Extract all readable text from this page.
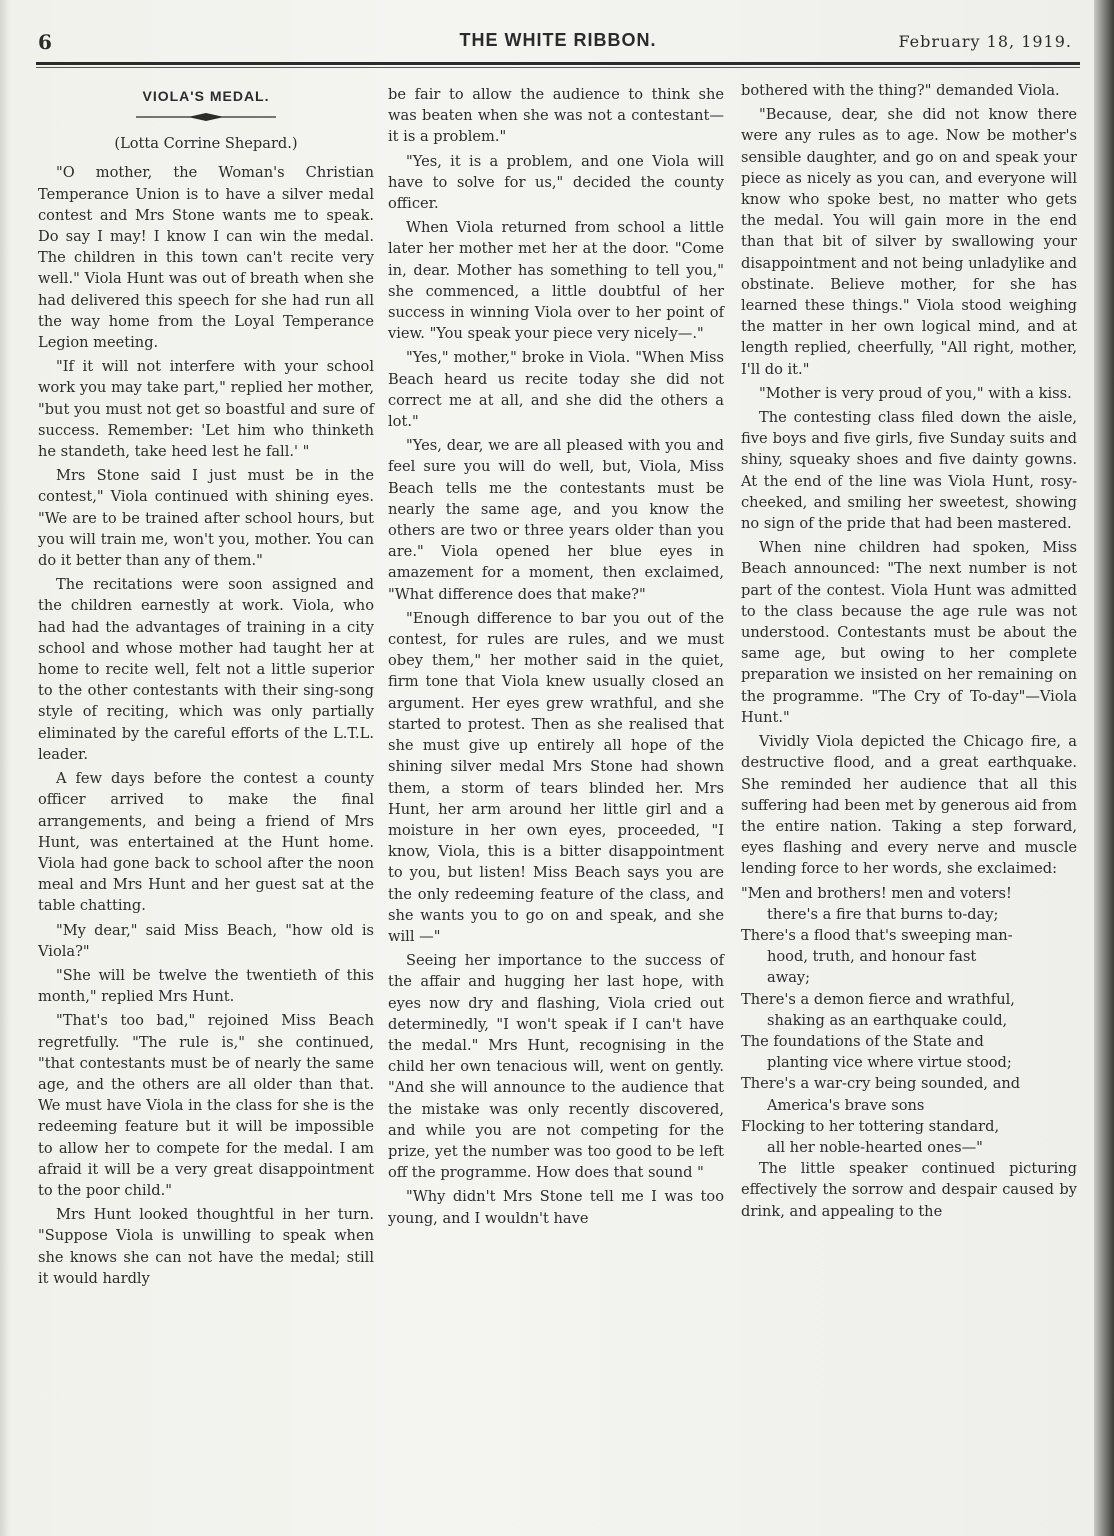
6	THE WHITE RIBBON.	February 18, 1919.
VIOLA'S MEDAL.
(Lotta Corrine Shepard.)

"O mother, the Woman's Christian Temperance Union is to have a silver medal contest and Mrs Stone wants me to speak. Do say I may! I know I can win the medal. The children in this town can't recite very well." Viola Hunt was out of breath when she had delivered this speech for she had run all the way home from the Loyal Temperance Legion meeting.

"If it will not interfere with your school work you may take part," replied her mother, "but you must not get so boastful and sure of success. Remember: 'Let him who thinketh he standeth, take heed lest he fall.' "

Mrs Stone said I just must be in the contest," Viola continued with shining eyes. "We are to be trained after school hours, but you will train me, won't you, mother. You can do it better than any of them."

The recitations were soon assigned and the children earnestly at work. Viola, who had had the advantages of training in a city school and whose mother had taught her at home to recite well, felt not a little superior to the other contestants with their sing-song style of reciting, which was only partially eliminated by the careful efforts of the L.T.L. leader.

A few days before the contest a county officer arrived to make the final arrangements, and being a friend of Mrs Hunt, was entertained at the Hunt home. Viola had gone back to school after the noon meal and Mrs Hunt and her guest sat at the table chatting.

"My dear," said Miss Beach, "how old is Viola?"

"She will be twelve the twentieth of this month," replied Mrs Hunt.

"That's too bad," rejoined Miss Beach regretfully. "The rule is," she continued, "that contestants must be of nearly the same age, and the others are all older than that. We must have Viola in the class for she is the redeeming feature but it will be impossible to allow her to compete for the medal. I am afraid it will be a very great disappointment to the poor child."

Mrs Hunt looked thoughtful in her turn. "Suppose Viola is unwilling to speak when she knows she can not have the medal; still it would hardly

be fair to allow the audience to think she was beaten when she was not a contestant—it is a problem."

"Yes, it is a problem, and one Viola will have to solve for us," decided the county officer.

When Viola returned from school a little later her mother met her at the door. "Come in, dear. Mother has something to tell you," she commenced, a little doubtful of her success in winning Viola over to her point of view. "You speak your piece very nicely—."

"Yes," mother," broke in Viola. "When Miss Beach heard us recite today she did not correct me at all, and she did the others a lot."

"Yes, dear, we are all pleased with you and feel sure you will do well, but, Viola, Miss Beach tells me the contestants must be nearly the same age, and you know the others are two or three years older than you are." Viola opened her blue eyes in amazement for a moment, then exclaimed, "What difference does that make?"

"Enough difference to bar you out of the contest, for rules are rules, and we must obey them," her mother said in the quiet, firm tone that Viola knew usually closed an argument. Her eyes grew wrathful, and she started to protest. Then as she realised that she must give up entirely all hope of the shining silver medal Mrs Stone had shown them, a storm of tears blinded her. Mrs Hunt, her arm around her little girl and a moisture in her own eyes, proceeded, "I know, Viola, this is a bitter disappointment to you, but listen! Miss Beach says you are the only redeeming feature of the class, and she wants you to go on and speak, and she will —"

Seeing her importance to the success of the affair and hugging her last hope, with eyes now dry and flashing, Viola cried out determinedly, "I won't speak if I can't have the medal." Mrs Hunt, recognising in the child her own tenacious will, went on gently. "And she will announce to the audience that the mistake was only recently discovered, and while you are not competing for the prize, yet the number was too good to be left off the programme. How does that sound "

"Why didn't Mrs Stone tell me I was too young, and I wouldn't have

bothered with the thing?" demanded Viola.

"Because, dear, she did not know there were any rules as to age. Now be mother's sensible daughter, and go on and speak your piece as nicely as you can, and everyone will know who spoke best, no matter who gets the medal. You will gain more in the end than that bit of silver by swallowing your disappointment and not being unladylike and obstinate. Believe mother, for she has learned these things." Viola stood weighing the matter in her own logical mind, and at length replied, cheerfully, "All right, mother, I'll do it."

"Mother is very proud of you," with a kiss.

The contesting class filed down the aisle, five boys and five girls, five Sunday suits and shiny, squeaky shoes and five dainty gowns. At the end of the line was Viola Hunt, rosy-cheeked, and smiling her sweetest, showing no sign of the pride that had been mastered.

When nine children had spoken, Miss Beach announced: "The next number is not part of the contest. Viola Hunt was admitted to the class because the age rule was not understood. Contestants must be about the same age, but owing to her complete preparation we insisted on her remaining on the programme. "The Cry of To-day"—Viola Hunt."

Vividly Viola depicted the Chicago fire, a destructive flood, and a great earthquake. She reminded her audience that all this suffering had been met by generous aid from the entire nation. Taking a step forward, eyes flashing and every nerve and muscle lending force to her words, she exclaimed:

"Men and brothers! men and voters!
there's a fire that burns to-day;
There's a flood that's sweeping man-
hood, truth, and honour fast
away;
There's a demon fierce and wrathful,
shaking as an earthquake could,
The foundations of the State and
planting vice where virtue stood;
There's a war-cry being sounded, and
America's brave sons
Flocking to her tottering standard,
all her noble-hearted ones—"

The little speaker continued picturing effectively the sorrow and despair caused by drink, and appealing to the
